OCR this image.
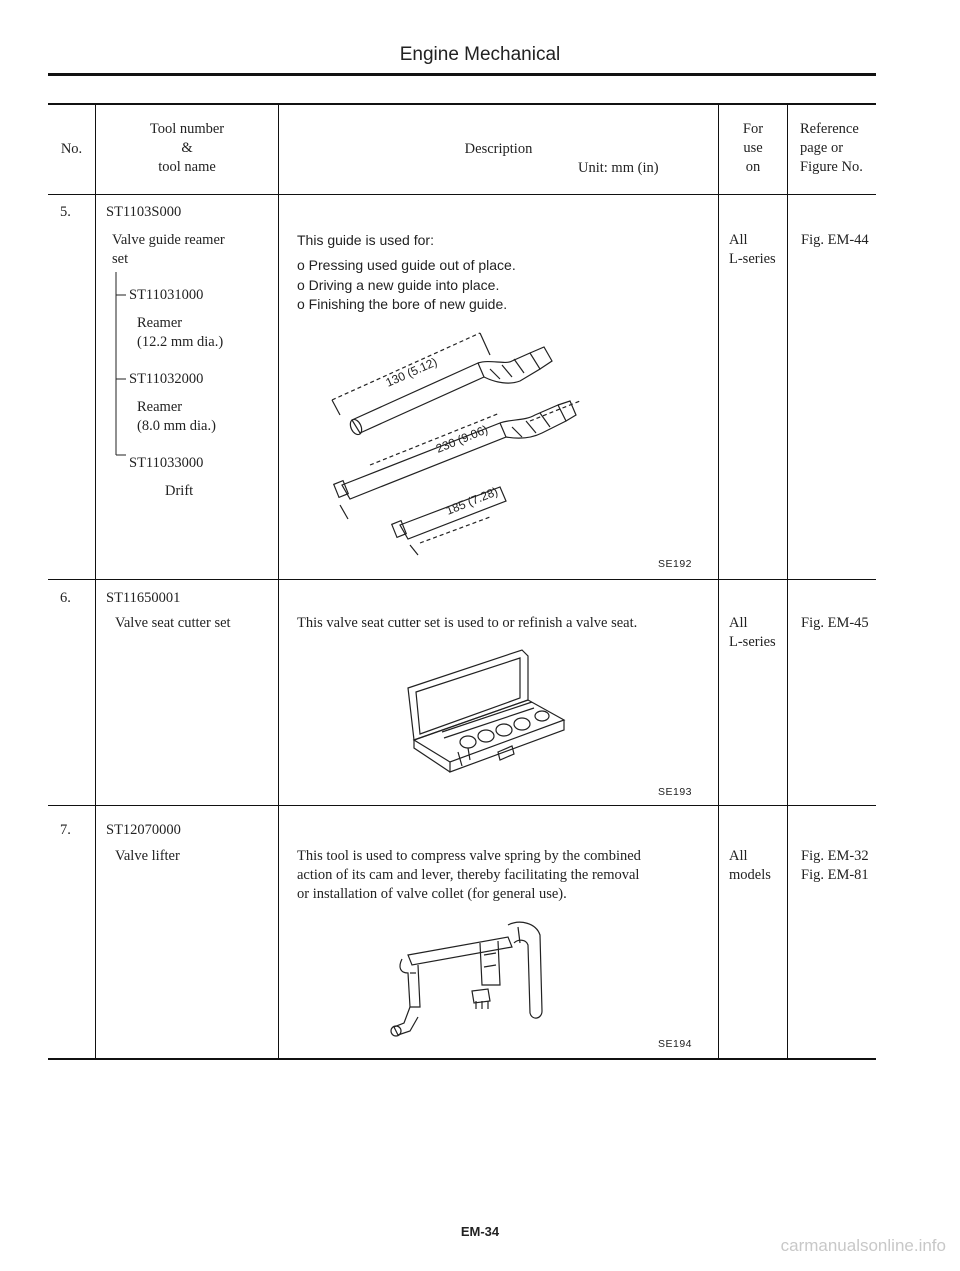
Engine Mechanical
No.
Tool number
&
tool name
Description
Unit: mm (in)
For
use
on
Reference
page or
Figure No.
5. ST1103S000
Valve guide reamer
set
ST11031000
Reamer
(12.2 mm dia.)
ST11032000
Reamer
(8.0 mm dia.)
ST11033000
Drift
This guide is used for:
o Pressing used guide out of place.
o Driving a new guide into place.
o Finishing the bore of new guide.
130 (5.12)
230 (9.06)
185 (7.28)
SE192
All
L-series
Fig. EM-44
6. ST11650001
Valve seat cutter set	This valve seat cutter set is used to or refinish a valve seat.
SE193
All
L-series
Fig. EM-45
7. ST12070000
Valve lifter	This tool is used to compress valve spring by the combined
action of its cam and lever, thereby facilitating the removal
or installation of valve collet (for general use).
SE194
All
models
Fig. EM-32
Fig. EM-81
EM-34
carmanualsonline.info
